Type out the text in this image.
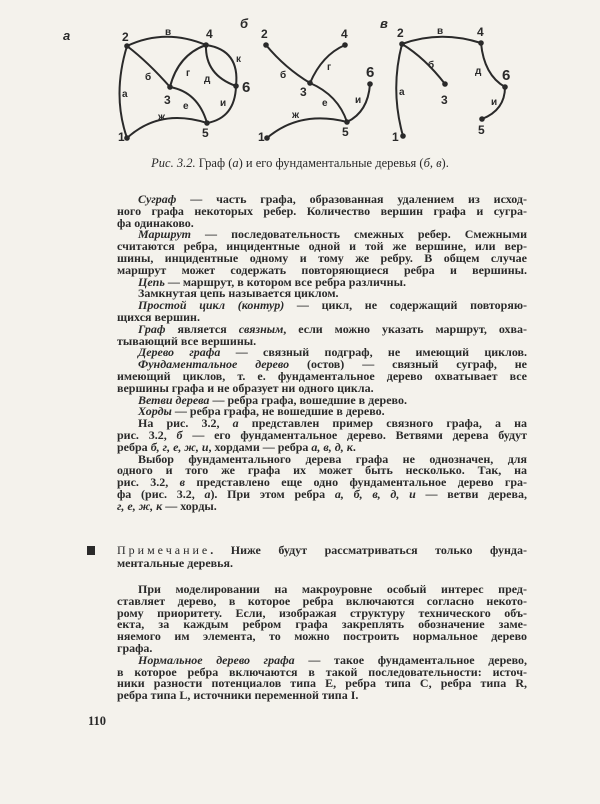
а
а
в
б	г
д
к
е	и
ж
1
2
3
4
5
6
б
б
г
е
ж
и
1
2
3
4
5
6
в
а
в
б
д
и
1
2
3
4
5
6
Рис. 3.2. Граф (а) и его фундаментальные деревья (б, в).
Суграф — часть графа, образованная удалением из исход-
ного графа некоторых ребер. Количество вершин графа и сугра-
фа одинаково.
Маршрут — последовательность смежных ребер. Смежными
считаются ребра, инцидентные одной и той же вершине, или вер-
шины, инцидентные одному и тому же ребру. В общем случае
маршрут может содержать повторяющиеся ребра и вершины.
Цепь — маршрут, в котором все ребра различны.
Замкнутая цепь называется циклом.
Простой цикл (контур) — цикл, не содержащий повторяю-
щихся вершин.
Граф является связным, если можно указать маршрут, охва-
тывающий все вершины.
Дерево графа — связный подграф, не имеющий циклов.
Фундаментальное дерево (остов) — связный суграф, не
имеющий циклов, т. е. фундаментальное дерево охватывает все
вершины графа и не образует ни одного цикла.
Ветви дерева — ребра графа, вошедшие в дерево.
Хорды — ребра графа, не вошедшие в дерево.
На рис. 3.2, а представлен пример связного графа, а на
рис. 3.2, б — его фундаментальное дерево. Ветвями дерева будут
ребра б, г, е, ж, и, хордами — ребра а, в, д, к.
Выбор фундаментального дерева графа не однозначен, для
одного и того же графа их может быть несколько. Так, на
рис. 3.2, в представлено еще одно фундаментальное дерево гра-
фа (рис. 3.2, а). При этом ребра а, б, в, д, и — ветви дерева,
г, е, ж, к — хорды.
Примечание. Ниже будут рассматриваться только фунда-
ментальные деревья.
При моделировании на макроуровне особый интерес пред-
ставляет дерево, в которое ребра включаются согласно некото-
рому приоритету. Если, изображая структуру технического объ-
екта, за каждым ребром графа закреплять обозначение заме-
няемого им элемента, то можно построить нормальное дерево
графа.
Нормальное дерево графа — такое фундаментальное дерево,
в которое ребра включаются в такой последовательности: источ-
ники разности потенциалов типа E, ребра типа C, ребра типа R,
ребра типа L, источники переменной типа I.
110
